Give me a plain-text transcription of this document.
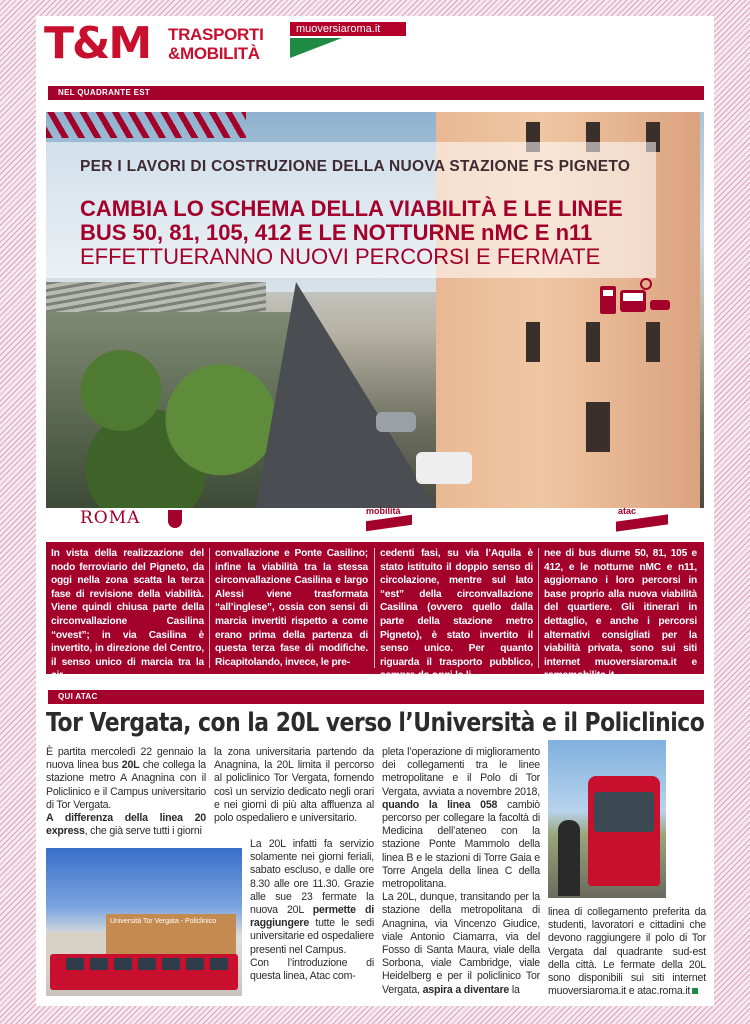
T&M TRASPORTI
&MOBILITÀ
muoversiaroma.it
NEL QUADRANTE EST
PER I LAVORI DI COSTRUZIONE DELLA NUOVA STAZIONE FS PIGNETO
CAMBIA LO SCHEMA DELLA VIABILITÀ E LE LINEE
BUS 50, 81, 105, 412 E LE NOTTURNE nMC E n11
EFFETTUERANNO NUOVI PERCORSI E FERMATE
ROMA	mobilità	atac
In vista della realizzazione del nodo ferroviario del Pigneto, da oggi nella zona scatta la terza fase di revisione della viabilità. Viene quindi chiusa parte della circonvallazione Casilina “ovest”; in via Casilina è invertito, in direzione del Centro, il senso unico di marcia tra la cir-
convallazione e Ponte Casilino; infine la viabilità tra la stessa circonvallazione Casilina e largo Alessi viene trasformata “all’inglese”, ossia con sensi di marcia invertiti rispetto a come erano prima della partenza di questa terza fase di modifiche. Ricapitolando, invece, le pre-
cedenti fasi, su via l’Aquila è stato istituito il doppio senso di circolazione, mentre sul lato “est” della circonvallazione Casilina (ovvero quello dalla parte della stazione metro Pigneto), è stato invertito il senso unico. Per quanto riguarda il trasporto pubblico, sempre da oggi le li-
nee di bus diurne 50, 81, 105 e 412, e le notturne nMC e n11, aggiornano i loro percorsi in base proprio alla nuova viabilità del quartiere. Gli itinerari in dettaglio, e anche i percorsi alternativi consigliati per la viabilità privata, sono sui siti internet muoversiaroma.it e romamobilita.it
QUI ATAC
Tor Vergata, con la 20L verso l’Università e il Policlinico

È partita mercoledì 22 gennaio la nuova linea bus 20L che collega la stazione metro A Anagnina con il Policlinico e il Campus universitario di Tor Vergata.

A differenza della linea 20 express, che già serve tutti i giorni

la zona universitaria partendo da Anagnina, la 20L limita il percorso al policlinico Tor Vergata, fornendo così un servizio dedicato negli orari e nei giorni di più alta affluenza al polo ospedaliero e universitario.

La 20L infatti fa servizio solamente nei giorni feriali, sabato escluso, e dalle ore 8.30 alle ore 11.30. Grazie alle sue 23 fermate la nuova 20L permette di raggiungere tutte le sedi universitarie ed ospedaliere presenti nel Campus.

Con l’introduzione di questa linea, Atac com-

Università Tor Vergata - Policlinico

pleta l’operazione di miglioramento dei collegamenti tra le linee metropolitane e il Polo di Tor Vergata, avviata a novembre 2018, quando la linea 058 cambiò percorso per collegare la facoltà di Medicina dell’ateneo con la stazione Ponte Mammolo della linea B e le stazioni di Torre Gaia e Torre Angela della linea C della metropolitana.

La 20L, dunque, transitando per la stazione della metropolitana di Anagnina, via Vincenzo Giudice, viale Antonio Ciamarra, via del Fosso di Santa Maura, viale della Sorbona, viale Cambridge, viale Heidelberg e per il policlinico Tor Vergata, aspira a diventare la

linea di collegamento preferita da studenti, lavoratori e cittadini che devono raggiungere il polo di Tor Vergata dal quadrante sud-est della città. Le fermate della 20L sono disponibili sui siti internet muoversiaroma.it e atac.roma.it
